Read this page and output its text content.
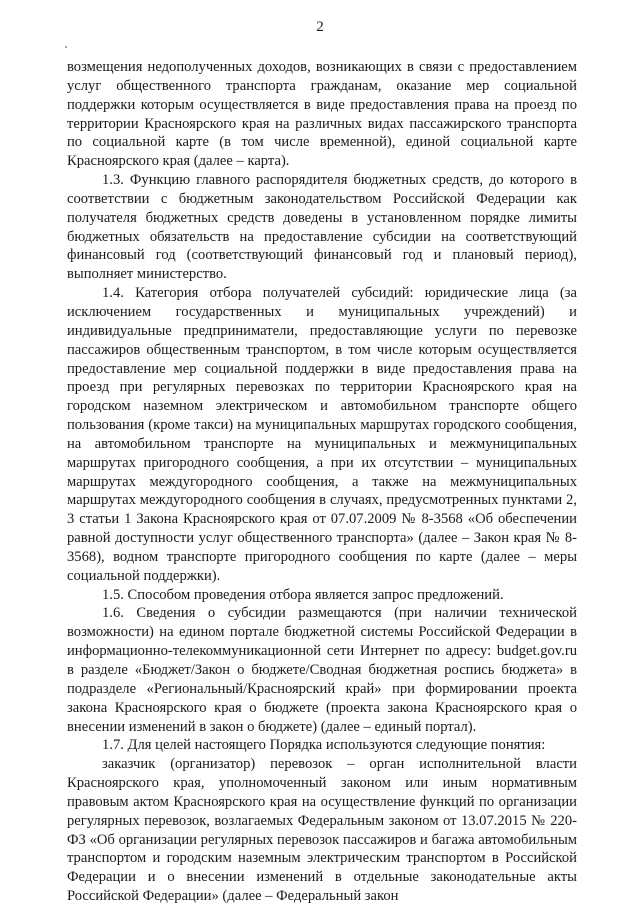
2

возмещения недополученных доходов, возникающих в связи с предоставлением услуг общественного транспорта гражданам, оказание мер социальной поддержки которым осуществляется в виде предоставления права на проезд по территории Красноярского края на различных видах пассажирского транспорта по социальной карте (в том числе временной), единой социальной карте Красноярского края (далее – карта).

1.3. Функцию главного распорядителя бюджетных средств, до которого в соответствии с бюджетным законодательством Российской Федерации как получателя бюджетных средств доведены в установленном порядке лимиты бюджетных обязательств на предоставление субсидии на соответствующий финансовый год (соответствующий финансовый год и плановый период), выполняет министерство.

1.4. Категория отбора получателей субсидий: юридические лица (за исключением государственных и муниципальных учреждений) и индивидуальные предприниматели, предоставляющие услуги по перевозке пассажиров общественным транспортом, в том числе которым осуществляется предоставление мер социальной поддержки в виде предоставления права на проезд при регулярных перевозках по территории Красноярского края на городском наземном электрическом и автомобильном транспорте общего пользования (кроме такси) на муниципальных маршрутах городского сообщения, на автомобильном транспорте на муниципальных и межмуниципальных маршрутах пригородного сообщения, а при их отсутствии – муниципальных маршрутах междугородного сообщения, а также на межмуниципальных маршрутах междугородного сообщения в случаях, предусмотренных пунктами 2, 3 статьи 1 Закона Красноярского края от 07.07.2009 № 8-3568 «Об обеспечении равной доступности услуг общественного транспорта» (далее – Закон края № 8-3568), водном транспорте пригородного сообщения по карте (далее – меры социальной поддержки).

1.5. Способом проведения отбора является запрос предложений.

1.6. Сведения о субсидии размещаются (при наличии технической возможности) на едином портале бюджетной системы Российской Федерации в информационно-телекоммуникационной сети Интернет по адресу: budget.gov.ru в разделе «Бюджет/Закон о бюджете/Сводная бюджетная роспись бюджета» в подразделе «Региональный/Красноярский край» при формировании проекта закона Красноярского края о бюджете (проекта закона Красноярского края о внесении изменений в закон о бюджете) (далее – единый портал).

1.7. Для целей настоящего Порядка используются следующие понятия:

заказчик (организатор) перевозок – орган исполнительной власти Красноярского края, уполномоченный законом или иным нормативным правовым актом Красноярского края на осуществление функций по организации регулярных перевозок, возлагаемых Федеральным законом от 13.07.2015 № 220-ФЗ «Об организации регулярных перевозок пассажиров и багажа автомобильным транспортом и городским наземным электрическим транспортом в Российской Федерации и о внесении изменений в отдельные законодательные акты Российской Федерации» (далее – Федеральный закон
